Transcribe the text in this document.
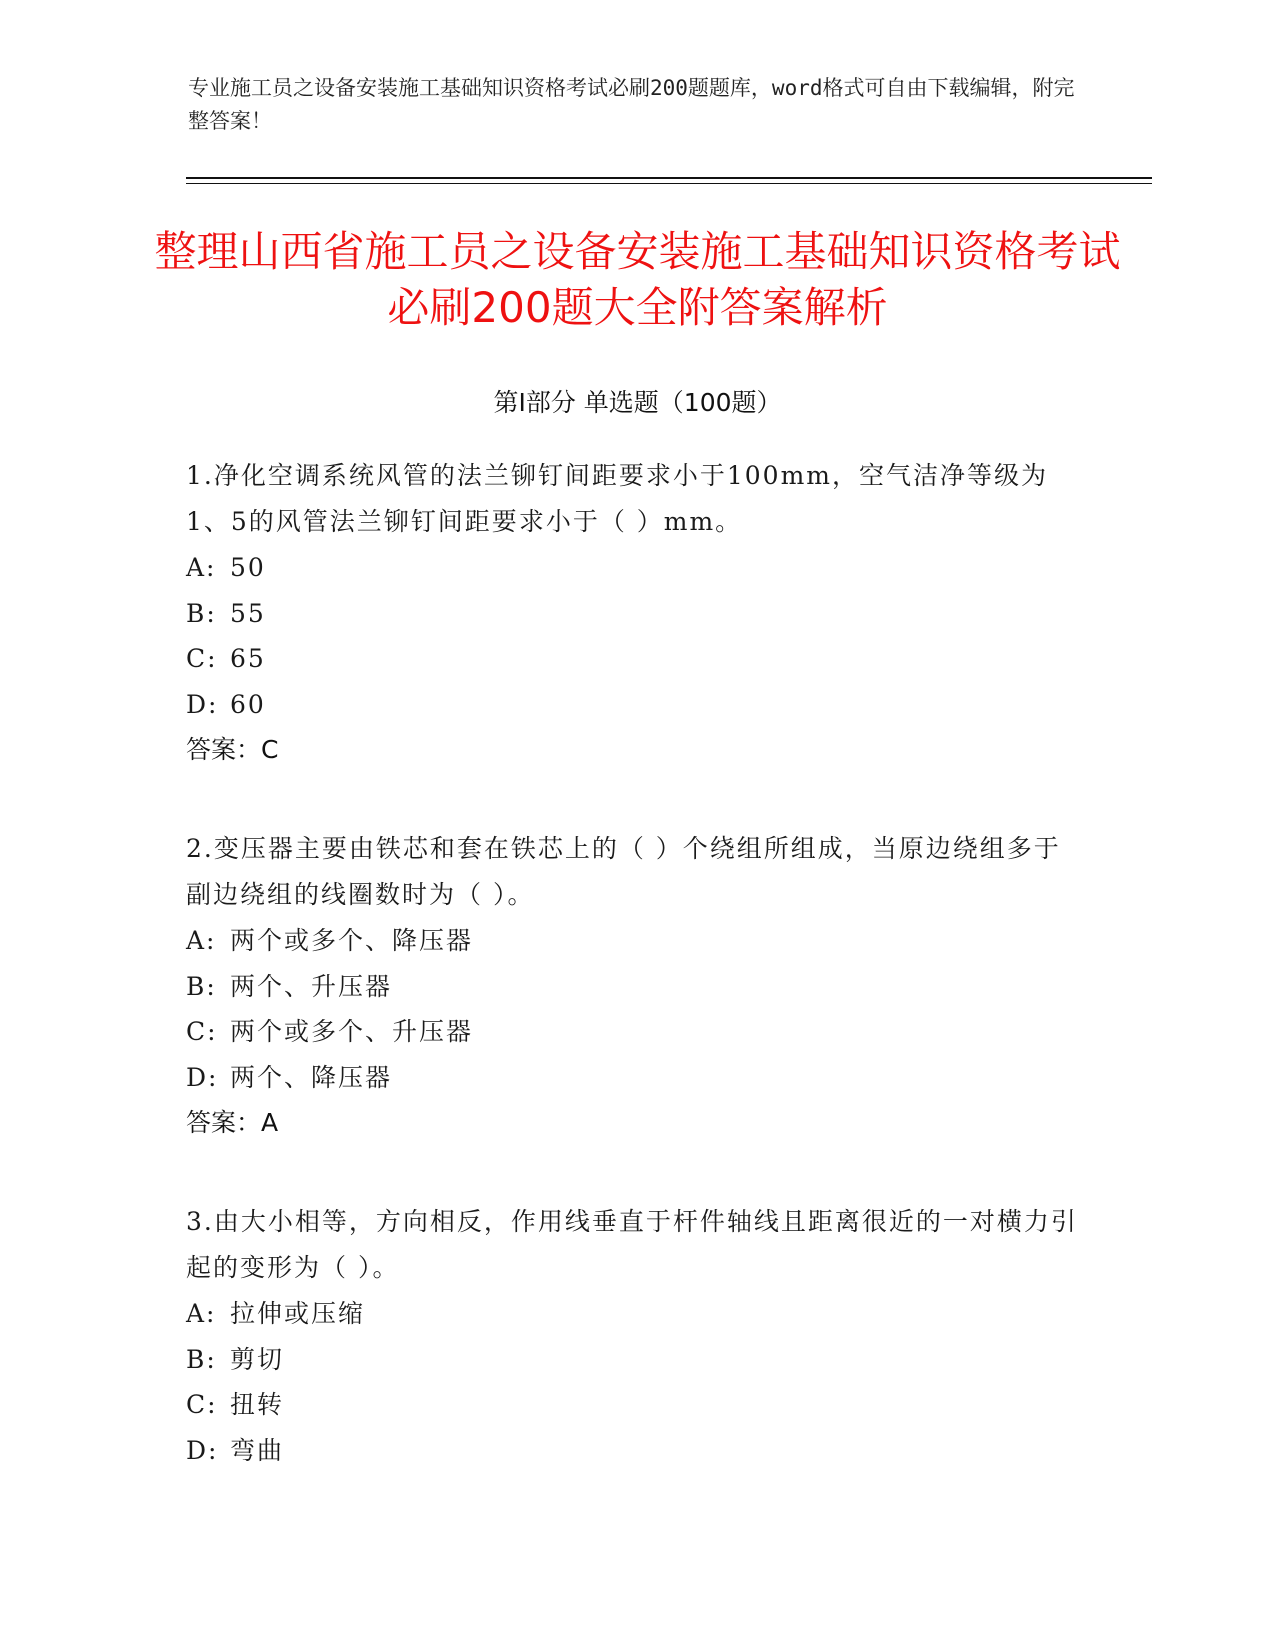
专业施工员之设备安装施工基础知识资格考试必刷200题题库，word格式可自由下载编辑，附完整答案！
整理山西省施工员之设备安装施工基础知识资格考试必刷200题大全附答案解析
第Ⅰ部分 单选题（100题）
1.净化空调系统风管的法兰铆钉间距要求小于100mm，空气洁净等级为1、5的风管法兰铆钉间距要求小于（ ）mm。
A: 50
B: 55
C: 65
D: 60
答案：C
2.变压器主要由铁芯和套在铁芯上的（ ）个绕组所组成，当原边绕组多于副边绕组的线圈数时为（ ）。
A: 两个或多个、降压器
B: 两个、升压器
C: 两个或多个、升压器
D: 两个、降压器
答案：A
3.由大小相等，方向相反，作用线垂直于杆件轴线且距离很近的一对横力引起的变形为（ ）。
A: 拉伸或压缩
B: 剪切
C: 扭转
D: 弯曲
